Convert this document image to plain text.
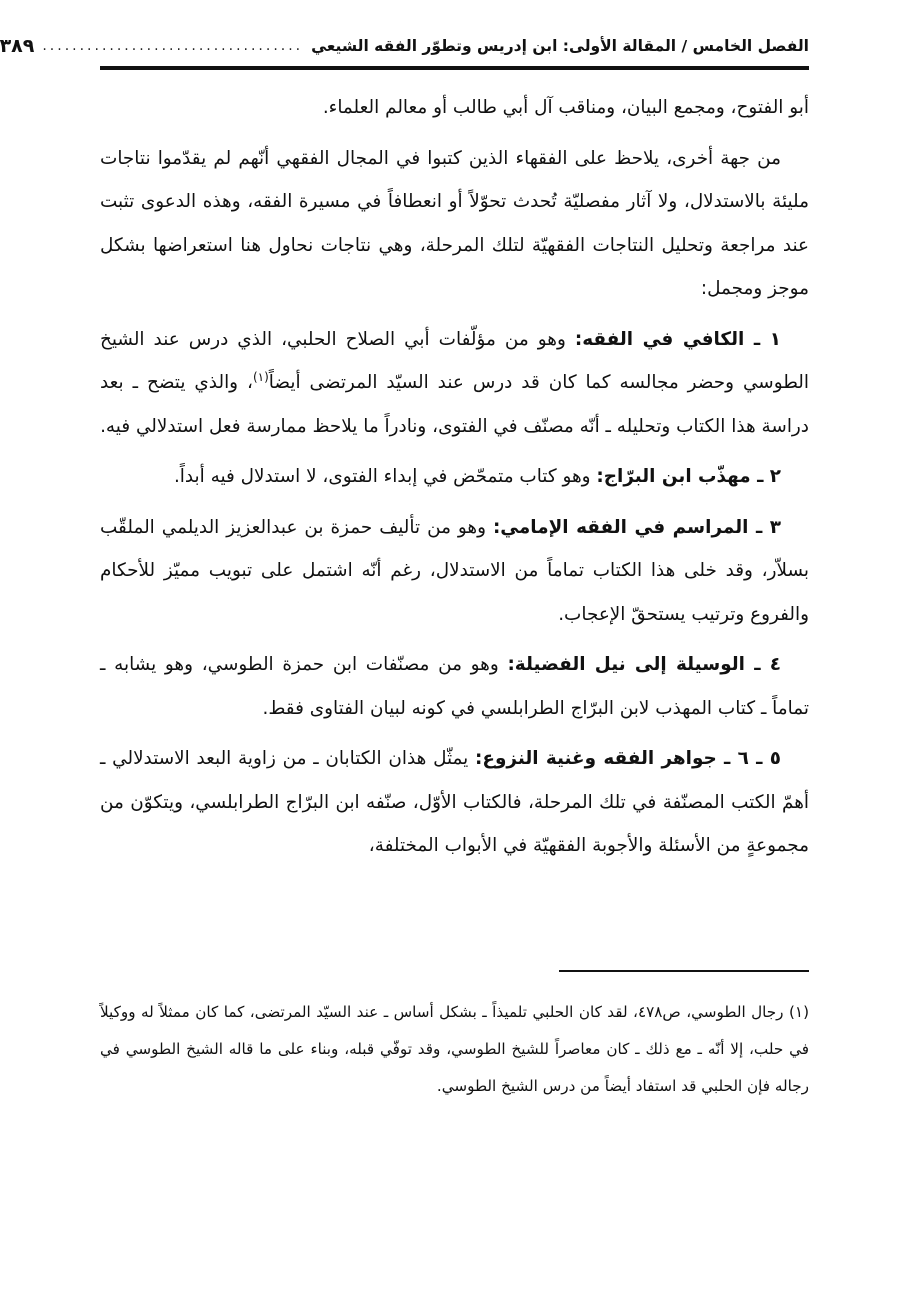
الفصل الخامس / المقالة الأولى: ابن إدريس وتطوّر الفقه الشيعي
...................................
٣٨٩

أبو الفتوح، ومجمع البيان، ومناقب آل أبي طالب أو معالم العلماء.

من جهة أخرى، يلاحظ على الفقهاء الذين كتبوا في المجال الفقهي أنّهم لم يقدّموا نتاجات مليئة بالاستدلال، ولا آثار مفصليّة تُحدث تحوّلاً أو انعطافاً في مسيرة الفقه، وهذه الدعوى تثبت عند مراجعة وتحليل النتاجات الفقهيّة لتلك المرحلة، وهي نتاجات نحاول هنا استعراضها بشكل موجز ومجمل:

١ ـ الكافي في الفقه: وهو من مؤلّفات أبي الصلاح الحلبي، الذي درس عند الشيخ الطوسي وحضر مجالسه كما كان قد درس عند السيّد المرتضى أيضاً$^{(١)}$، والذي يتضح ـ بعد دراسة هذا الكتاب وتحليله ـ أنّه مصنّف في الفتوى، ونادراً ما يلاحظ ممارسة فعل استدلالي فيه.

٢ ـ مهذّب ابن البرّاج: وهو كتاب متمحّض في إبداء الفتوى، لا استدلال فيه أبداً.

٣ ـ المراسم في الفقه الإمامي: وهو من تأليف حمزة بن عبدالعزيز الديلمي الملقّب بسلاّر، وقد خلى هذا الكتاب تماماً من الاستدلال، رغم أنّه اشتمل على تبويب مميّز للأحكام والفروع وترتيب يستحقّ الإعجاب.

٤ ـ الوسيلة إلى نيل الفضيلة: وهو من مصنّفات ابن حمزة الطوسي، وهو يشابه ـ تماماً ـ كتاب المهذب لابن البرّاج الطرابلسي في كونه لبيان الفتاوى فقط.

٥ ـ ٦ ـ جواهر الفقه وغنية النزوع: يمثّل هذان الكتابان ـ من زاوية البعد الاستدلالي ـ أهمّ الكتب المصنّفة في تلك المرحلة، فالكتاب الأوّل، صنّفه ابن البرّاج الطرابلسي، ويتكوّن من مجموعةٍ من الأسئلة والأجوبة الفقهيّة في الأبواب المختلفة،

(١) رجال الطوسي، ص٤٧٨، لقد كان الحلبي تلميذاً ـ بشكل أساس ـ عند السيّد المرتضى، كما كان ممثلاً له ووكيلاً في حلب، إلا أنّه ـ مع ذلك ـ كان معاصراً للشيخ الطوسي، وقد توفّي قبله، وبناء على ما قاله الشيخ الطوسي في رجاله فإن الحلبي قد استفاد أيضاً من درس الشيخ الطوسي.
